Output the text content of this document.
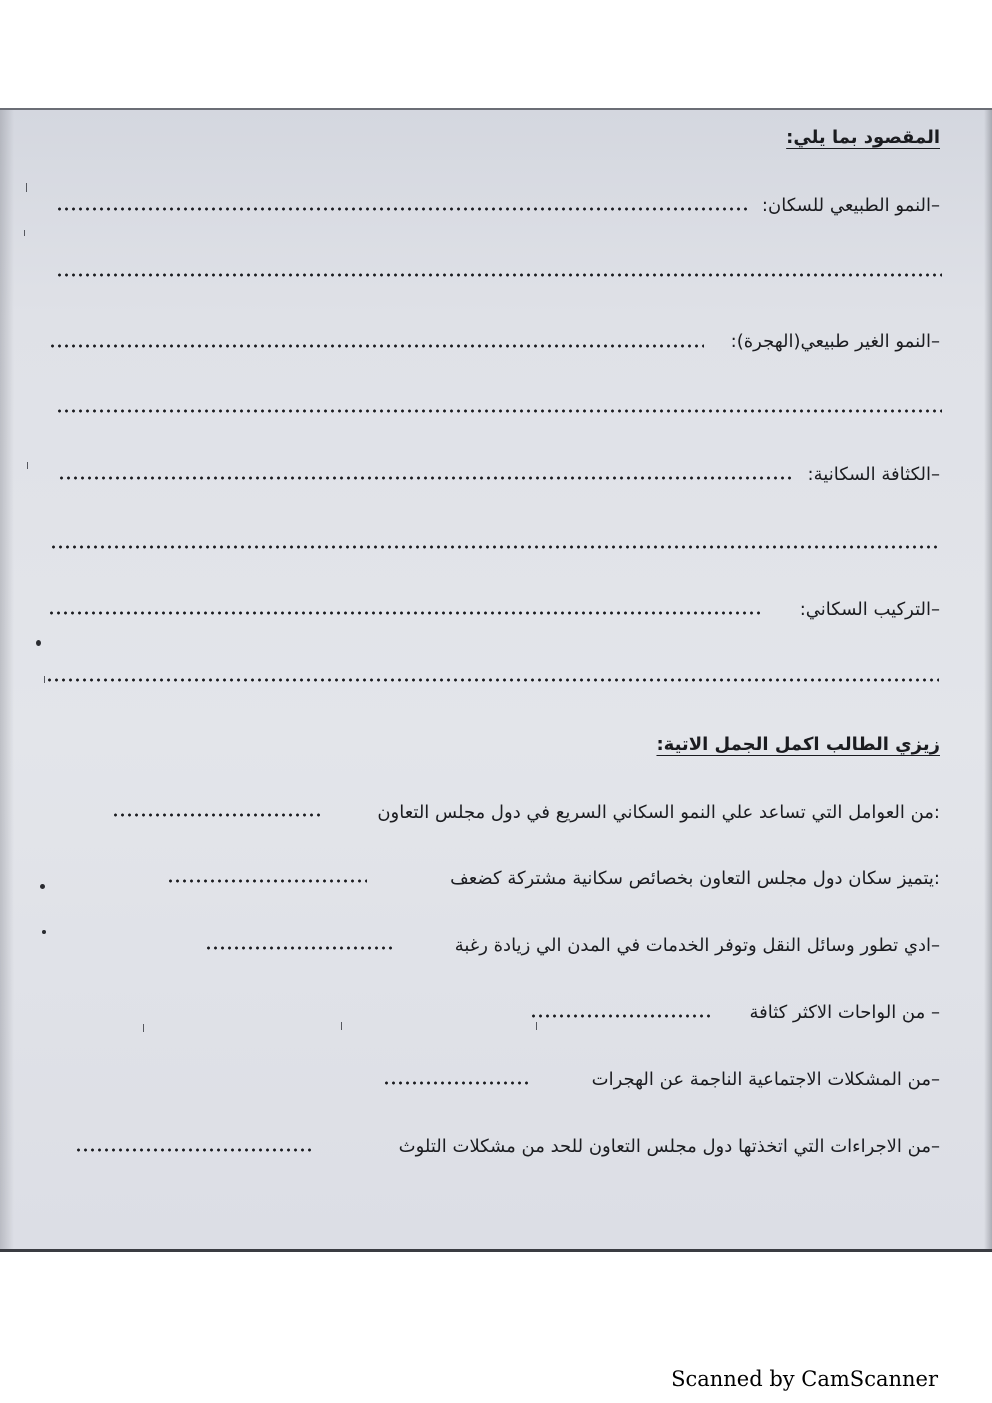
المقصود بما يلي:
–النمو الطبيعي للسكان:
–النمو الغير طبيعي(الهجرة):
–الكثافة السكانية:
–التركيب السكاني:
زيزي الطالب اكمل الجمل الاتية:
:من العوامل التي تساعد علي النمو السكاني السريع في دول مجلس التعاون
:يتميز سكان دول مجلس التعاون بخصائص سكانية مشتركة كضعف
–ادي تطور وسائل النقل وتوفر الخدمات في المدن الي زيادة رغبة
– من الواحات الاكثر كثافة
–من المشكلات الاجتماعية الناجمة عن الهجرات
–من الاجراءات التي اتخذتها دول مجلس التعاون للحد من مشكلات التلوث
Scanned by CamScanner
